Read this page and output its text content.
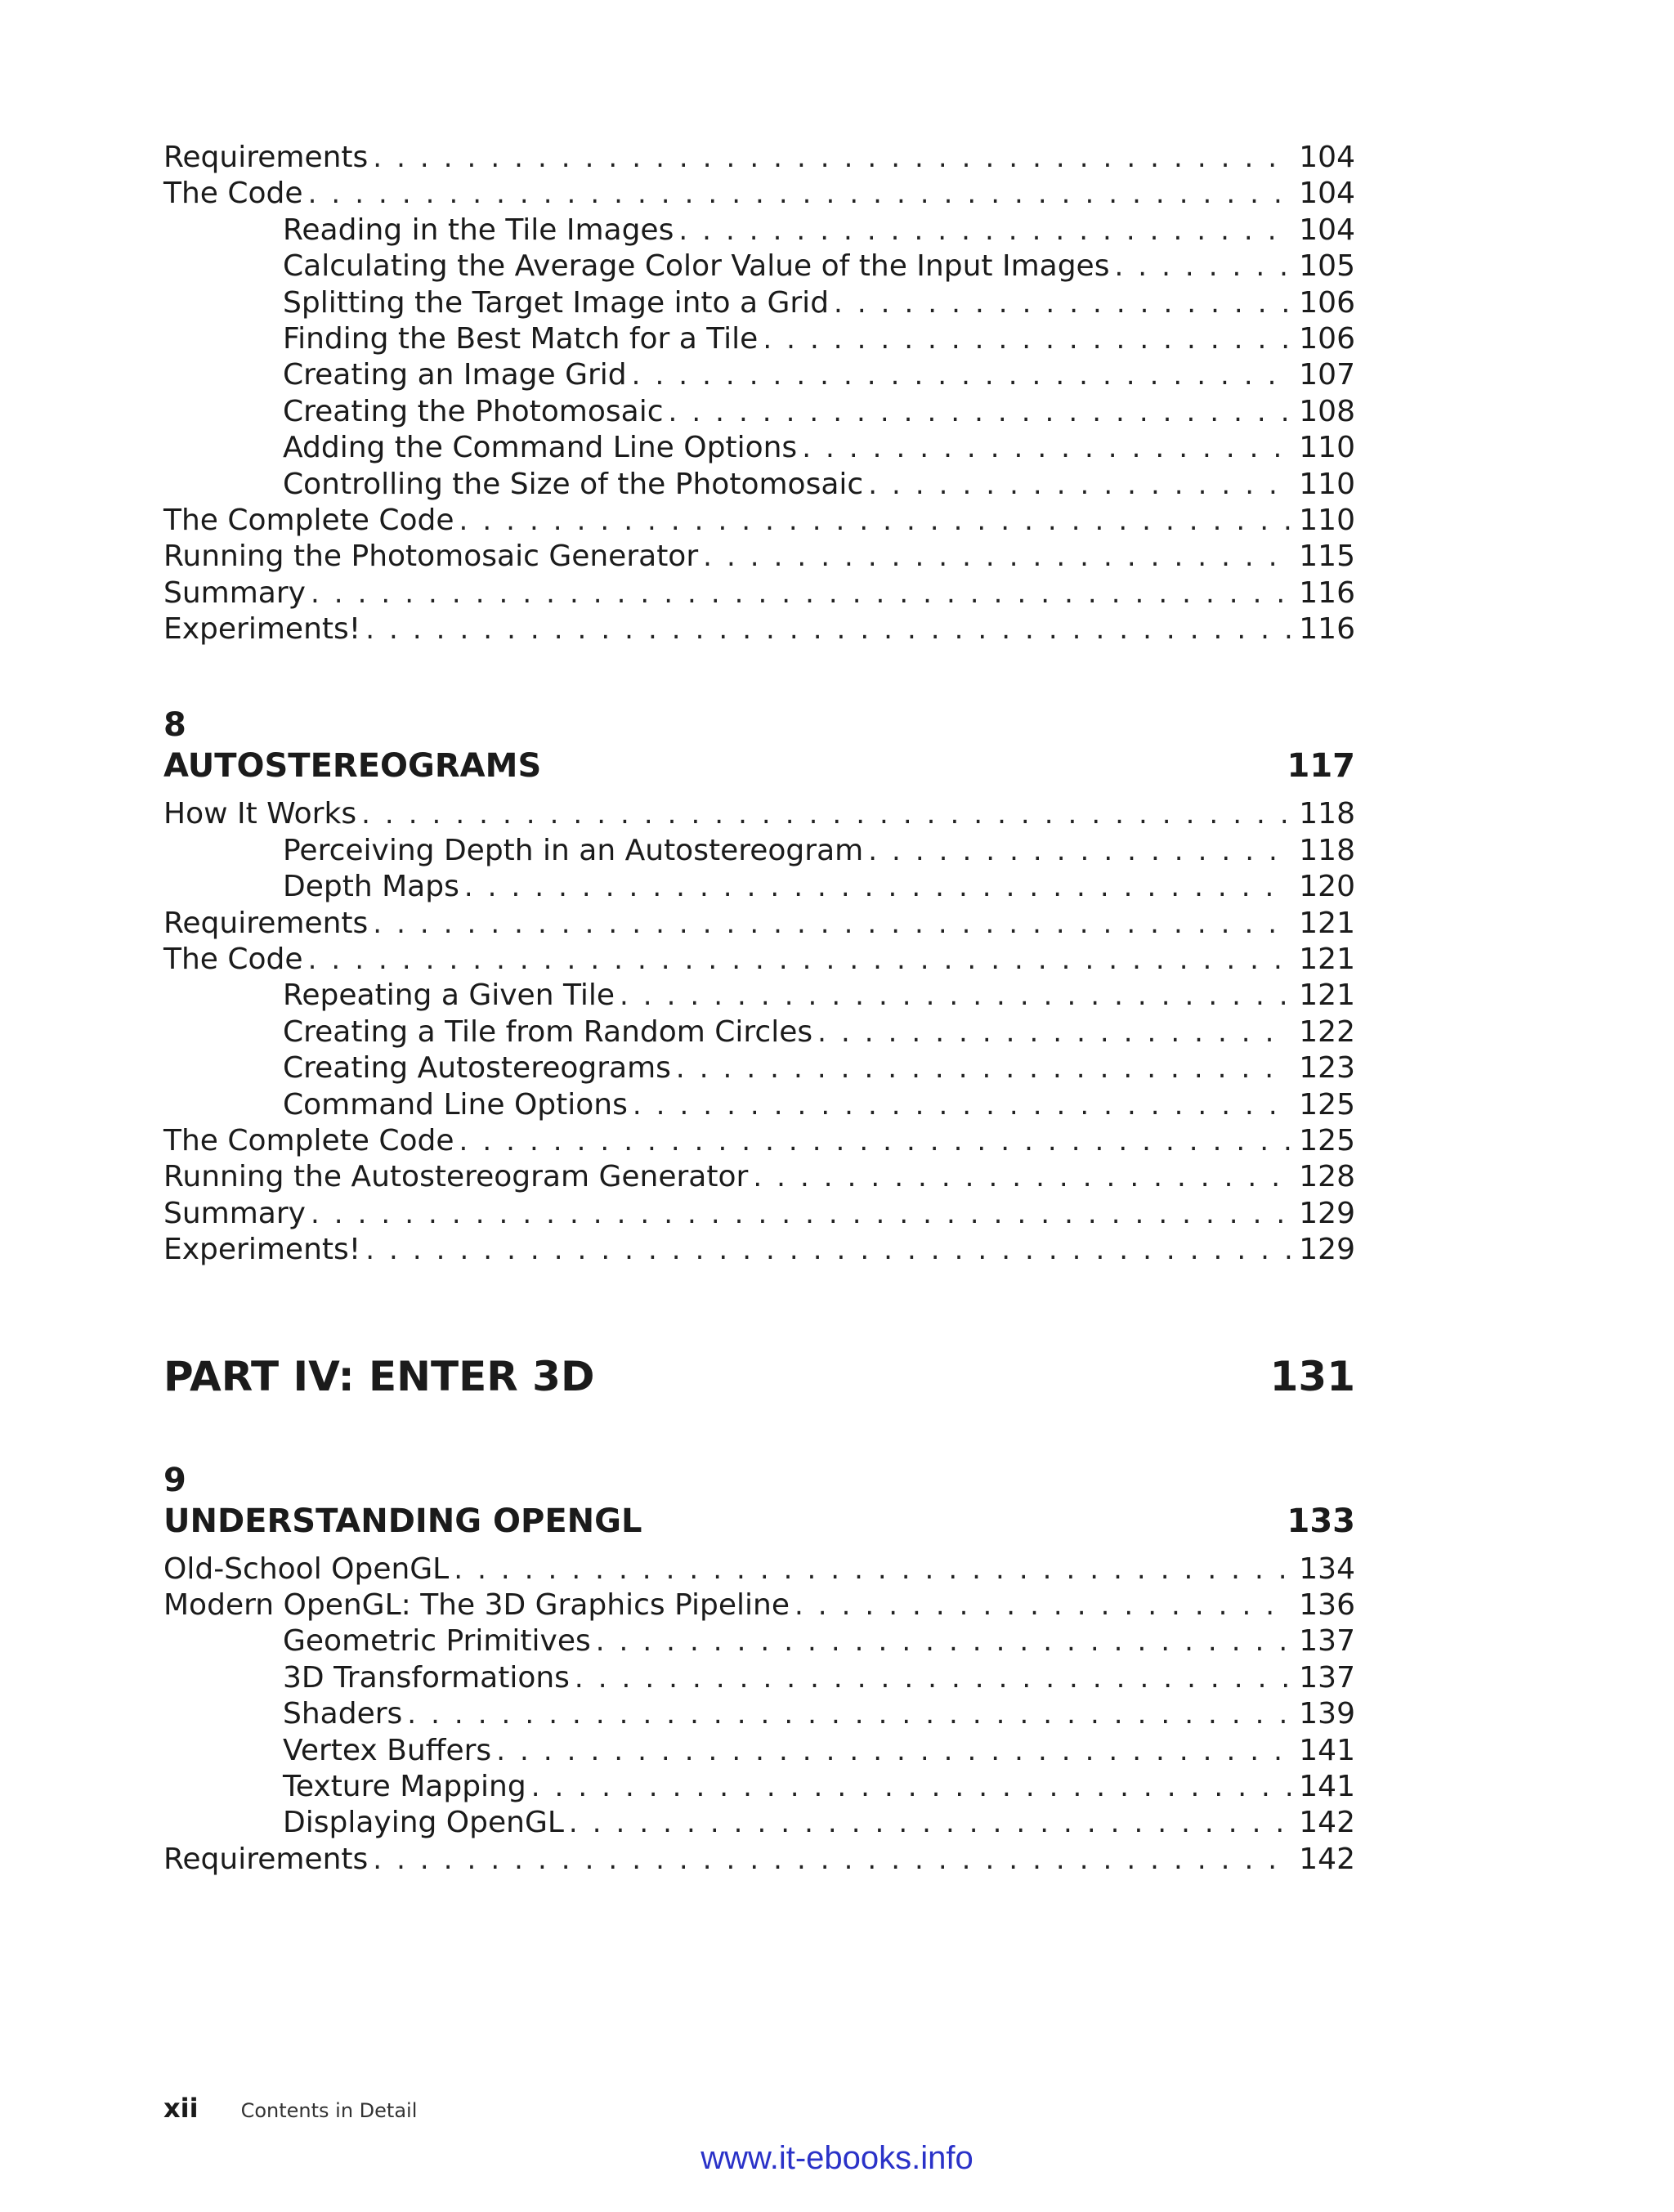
Requirements . . .	104
The Code . . .	104
Reading in the Tile Images . . .	104
Calculating the Average Color Value of the Input Images . . .	105
Splitting the Target Image into a Grid . . .	106
Finding the Best Match for a Tile . . .	106
Creating an Image Grid . . .	107
Creating the Photomosaic . . .	108
Adding the Command Line Options . . .	110
Controlling the Size of the Photomosaic . . .	110
The Complete Code . . .	110
Running the Photomosaic Generator . . .	115
Summary . . .	116
Experiments! . . .	116
8
AUTOSTEREOGRAMS	117
How It Works . . .	118
Perceiving Depth in an Autostereogram . . .	118
Depth Maps . . .	120
Requirements . . .	121
The Code . . .	121
Repeating a Given Tile . . .	121
Creating a Tile from Random Circles . . .	122
Creating Autostereograms . . .	123
Command Line Options . . .	125
The Complete Code . . .	125
Running the Autostereogram Generator . . .	128
Summary . . .	129
Experiments! . . .	129
PART IV: ENTER 3D	131
9
UNDERSTANDING OPENGL	133
Old-School OpenGL . . .	134
Modern OpenGL: The 3D Graphics Pipeline . . .	136
Geometric Primitives . . .	137
3D Transformations . . .	137
Shaders . . .	139
Vertex Buffers . . .	141
Texture Mapping . . .	141
Displaying OpenGL . . .	142
Requirements . . .	142
xii Contents in Detail
www.it-ebooks.info
